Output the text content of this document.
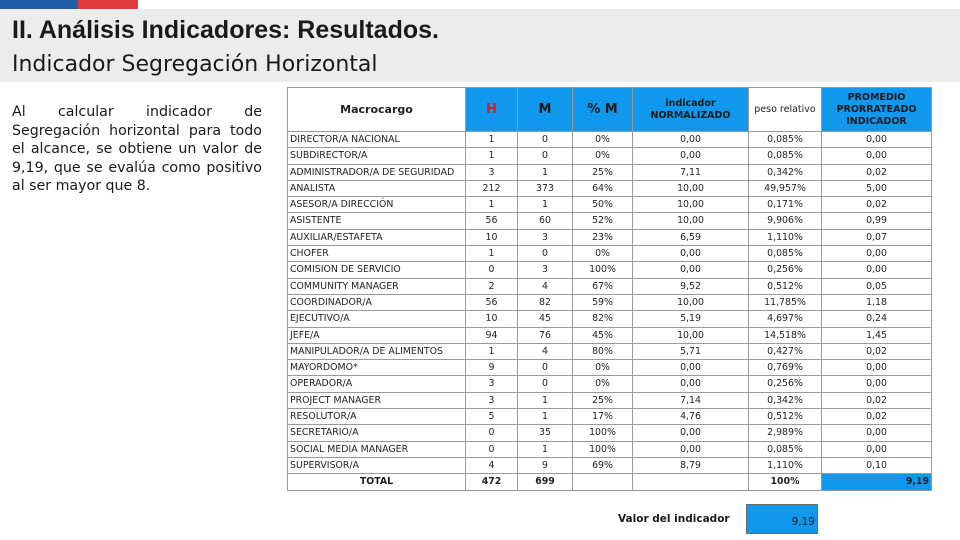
II. Análisis Indicadores: Resultados.
Indicador Segregación Horizontal
Al calcular indicador de Segregación horizontal para todo el alcance, se obtiene un valor de 9,19, que se evalúa como positivo al ser mayor que 8.
Macrocargo	H	M	% M	indicador NORMALIZADO	peso relativo	PROMEDIO PRORRATEADO INDICADOR
DIRECTOR/A NACIONAL	1	0	0%	0,00	0,085%	0,00
SUBDIRECTOR/A	1	0	0%	0,00	0,085%	0,00
ADMINISTRADOR/A DE SEGURIDAD	3	1	25%	7,11	0,342%	0,02
ANALISTA	212	373	64%	10,00	49,957%	5,00
ASESOR/A DIRECCIÓN	1	1	50%	10,00	0,171%	0,02
ASISTENTE	56	60	52%	10,00	9,906%	0,99
AUXILIAR/ESTAFETA	10	3	23%	6,59	1,110%	0,07
CHOFER	1	0	0%	0,00	0,085%	0,00
COMISION DE SERVICIO	0	3	100%	0,00	0,256%	0,00
COMMUNITY MANAGER	2	4	67%	9,52	0,512%	0,05
COORDINADOR/A	56	82	59%	10,00	11,785%	1,18
EJECUTIVO/A	10	45	82%	5,19	4,697%	0,24
JEFE/A	94	76	45%	10,00	14,518%	1,45
MANIPULADOR/A DE ALIMENTOS	1	4	80%	5,71	0,427%	0,02
MAYORDOMO*	9	0	0%	0,00	0,769%	0,00
OPERADOR/A	3	0	0%	0,00	0,256%	0,00
PROJECT MANAGER	3	1	25%	7,14	0,342%	0,02
RESOLUTOR/A	5	1	17%	4,76	0,512%	0,02
SECRETARIO/A	0	35	100%	0,00	2,989%	0,00
SOCIAL MEDIA MANAGER	0	1	100%	0,00	0,085%	0,00
SUPERVISOR/A	4	9	69%	8,79	1,110%	0,10
TOTAL	472	699			100%	9,19
Valor del indicador	9,19
